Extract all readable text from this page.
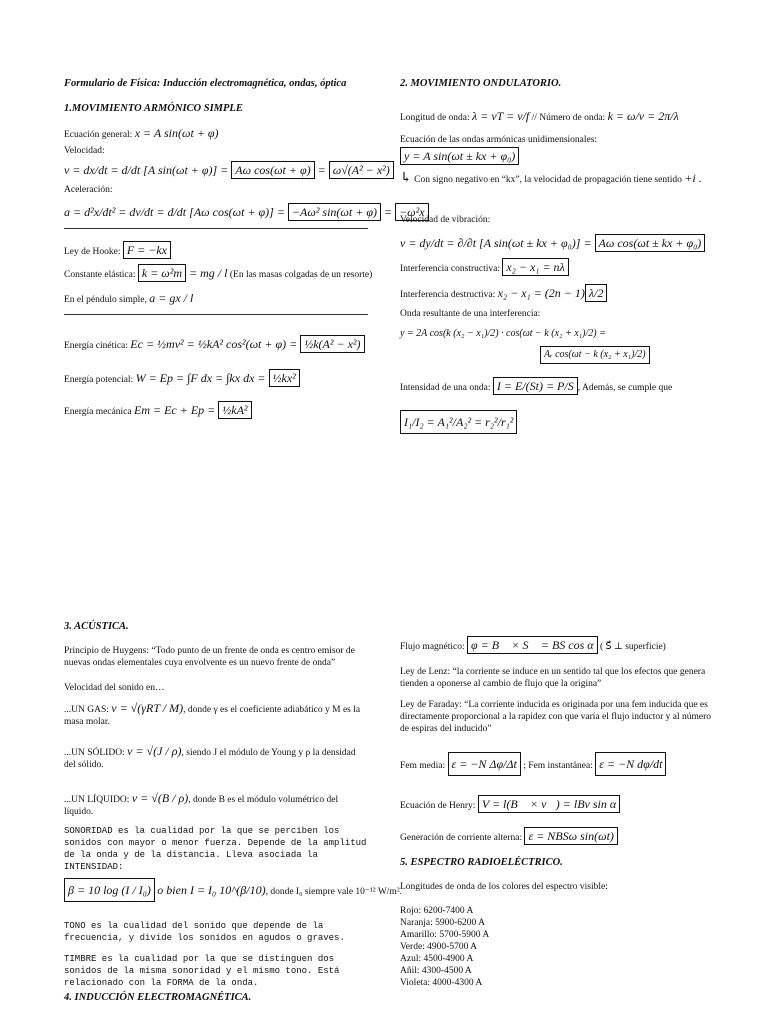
Formulario de Física: Inducción electromagnética, ondas, óptica
1.MOVIMIENTO ARMÓNICO SIMPLE
Ecuación general: x = A sin(ωt + φ)
Velocidad:
v = dx/dt = d/dt [A sin(ωt + φ)] = Aω cos(ωt + φ) = ω√(A² − x²)
Aceleración:
a = d²x/dt² = dv/dt = d/dt [Aω cos(ωt + φ)] = −Aω² sin(ωt + φ) = −ω²x
Ley de Hooke: F = −kx
Constante elástica: k = ω²m = mg / l (En las masas colgadas de un resorte)
En el péndulo simple, a = gx / l
Energía cinética: Ec = ½mv² = ½kA² cos²(ωt + φ) = ½k(A² − x²)
Energía potencial: W = Ep = ∫F dx = ∫kx dx = ½kx²
Energía mecánica Em = Ec + Ep = ½kA²
2. MOVIMIENTO ONDULATORIO.
Longitud de onda: λ = vT = v/f // Número de onda: k = ω/v = 2π/λ
Ecuación de las ondas armónicas unidimensionales:
y = A sin(ωt ± kx + φ₀)
↳ Con signo negativo en “kx”, la velocidad de propagación tiene sentido +i .
Velocidad de vibración:
v = dy/dt = ∂/∂t [A sin(ωt ± kx + φ₀)] = Aω cos(ωt ± kx + φ₀)
Interferencia constructiva: x₂ − x₁ = nλ
Interferencia destructiva: x₂ − x₁ = (2n − 1) λ/2
Onda resultante de una interferencia:
y = 2A cos(k (x₂ − x₁)/2) · cos(ωt − k (x₂ + x₁)/2) =
Aᵣ cos(ωt − k (x₂ + x₁)/2)
Intensidad de una onda: I = E/(St) = P/S , Además, se cumple que
I₁/I₂ = A₁²/A₂² = r₂²/r₁²
3. ACÚSTICA.
Principio de Huygens: “Todo punto de un frente de onda es centro emisor de nuevas ondas elementales cuya envolvente es un nuevo frente de onda”
Velocidad del sonido en…
...UN GAS: v = √(γRT / M), donde γ es el coeficiente adiabático y M es la masa molar.
...UN SÓLIDO: v = √(J / ρ), siendo J el módulo de Young y ρ la densidad del sólido.
...UN LÍQUIDO: v = √(B / ρ), donde B es el módulo volumétrico del líquido.
SONORIDAD es la cualidad por la que se perciben los sonidos con mayor o menor fuerza. Depende de la amplitud de la onda y de la distancia. Lleva asociada la INTENSIDAD:
β = 10 log (I / I₀) o bien I = I₀ 10^(β/10), donde I₀ siempre vale 10⁻¹² W/m².
TONO es la cualidad del sonido que depende de la frecuencia, y divide los sonidos en agudos o graves.
TIMBRE es la cualidad por la que se distinguen dos sonidos de la misma sonoridad y el mismo tono. Está relacionado con la FORMA de la onda.
4. INDUCCIÓN ELECTROMAGNÉTICA.
Flujo magnético: φ = B⃗ × S⃗ = BS cos α ( S⃗ ⊥ superficie)
Ley de Lenz: “la corriente se induce en un sentido tal que los efectos que genera tienden a oponerse al cambio de flujo que la origina”
Ley de Faraday: “La corriente inducida es originada por una fem inducida que es directamente proporcional a la rapidez con que varía el flujo inductor y al número de espiras del inducido”
Fem media: ε = −N Δφ/Δt ; Fem instantánea: ε = −N dφ/dt
Ecuación de Henry: V = l(B⃗ × v⃗) = lBv sin α
Generación de corriente alterna: ε = NBSω sin(ωt)
5. ESPECTRO RADIOELÉCTRICO.
Longitudes de onda de los colores del espectro visible:
Rojo: 6200-7400 A
Naranja: 5900-6200 A
Amarillo: 5700-5900 A
Verde: 4900-5700 A
Azul: 4500-4900 A
Añil: 4300-4500 A
Violeta: 4000-4300 A
